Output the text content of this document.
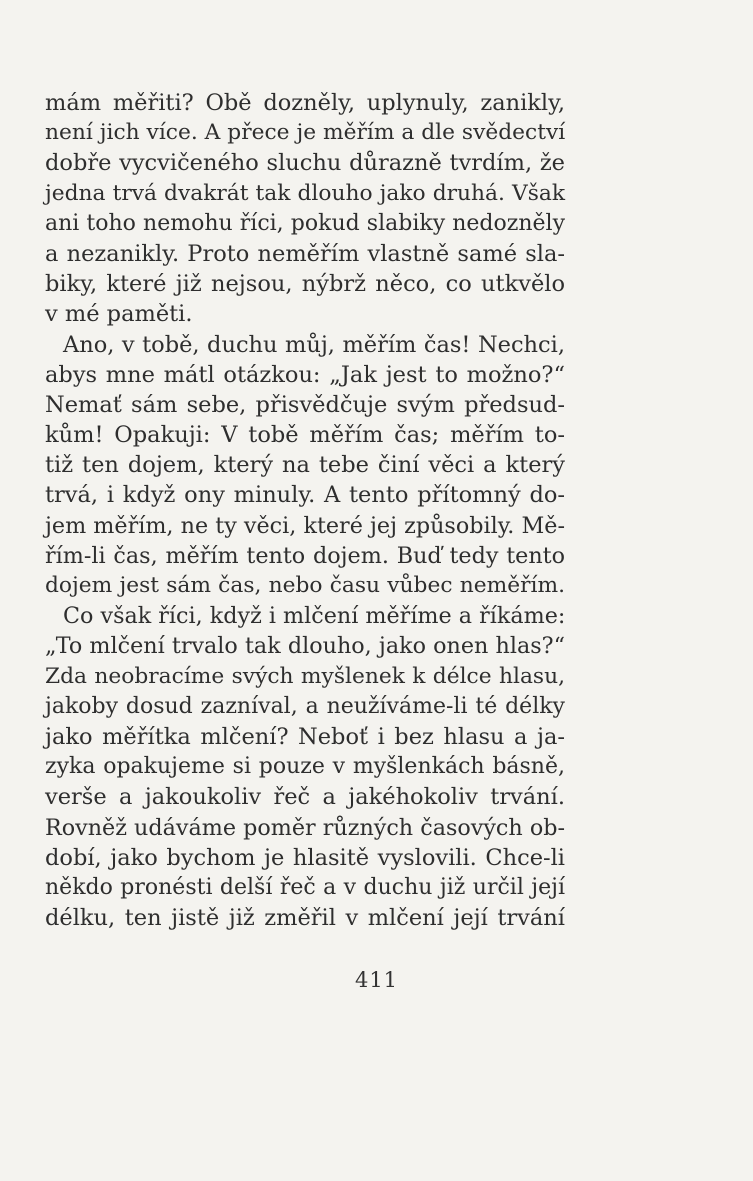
mám měřiti? Obě dozněly, uplynuly, zanikly,
není jich více. A přece je měřím a dle svědectví
dobře vycvičeného sluchu důrazně tvrdím, že
jedna trvá dvakrát tak dlouho jako druhá. Však
ani toho nemohu říci, pokud slabiky nedozněly
a nezanikly. Proto neměřím vlastně samé sla-
biky, které již nejsou, nýbrž něco, co utkvělo
v mé paměti.
Ano, v tobě, duchu můj, měřím čas! Nechci,
abys mne mátl otázkou: „Jak jest to možno?“
Nemať sám sebe, přisvědčuje svým předsud-
kům! Opakuji: V tobě měřím čas; měřím to-
tiž ten dojem, který na tebe činí věci a který
trvá, i když ony minuly. A tento přítomný do-
jem měřím, ne ty věci, které jej způsobily. Mě-
řím-li čas, měřím tento dojem. Buď tedy tento
dojem jest sám čas, nebo času vůbec neměřím.
Co však říci, když i mlčení měříme a říkáme:
„To mlčení trvalo tak dlouho, jako onen hlas?“
Zda neobracíme svých myšlenek k délce hlasu,
jakoby dosud zazníval, a neužíváme-li té délky
jako měřítka mlčení? Neboť i bez hlasu a ja-
zyka opakujeme si pouze v myšlenkách básně,
verše a jakoukoliv řeč a jakéhokoliv trvání.
Rovněž udáváme poměr různých časových ob-
dobí, jako bychom je hlasitě vyslovili. Chce-li
někdo pronésti delší řeč a v duchu již určil její
délku, ten jistě již změřil v mlčení její trvání
411
